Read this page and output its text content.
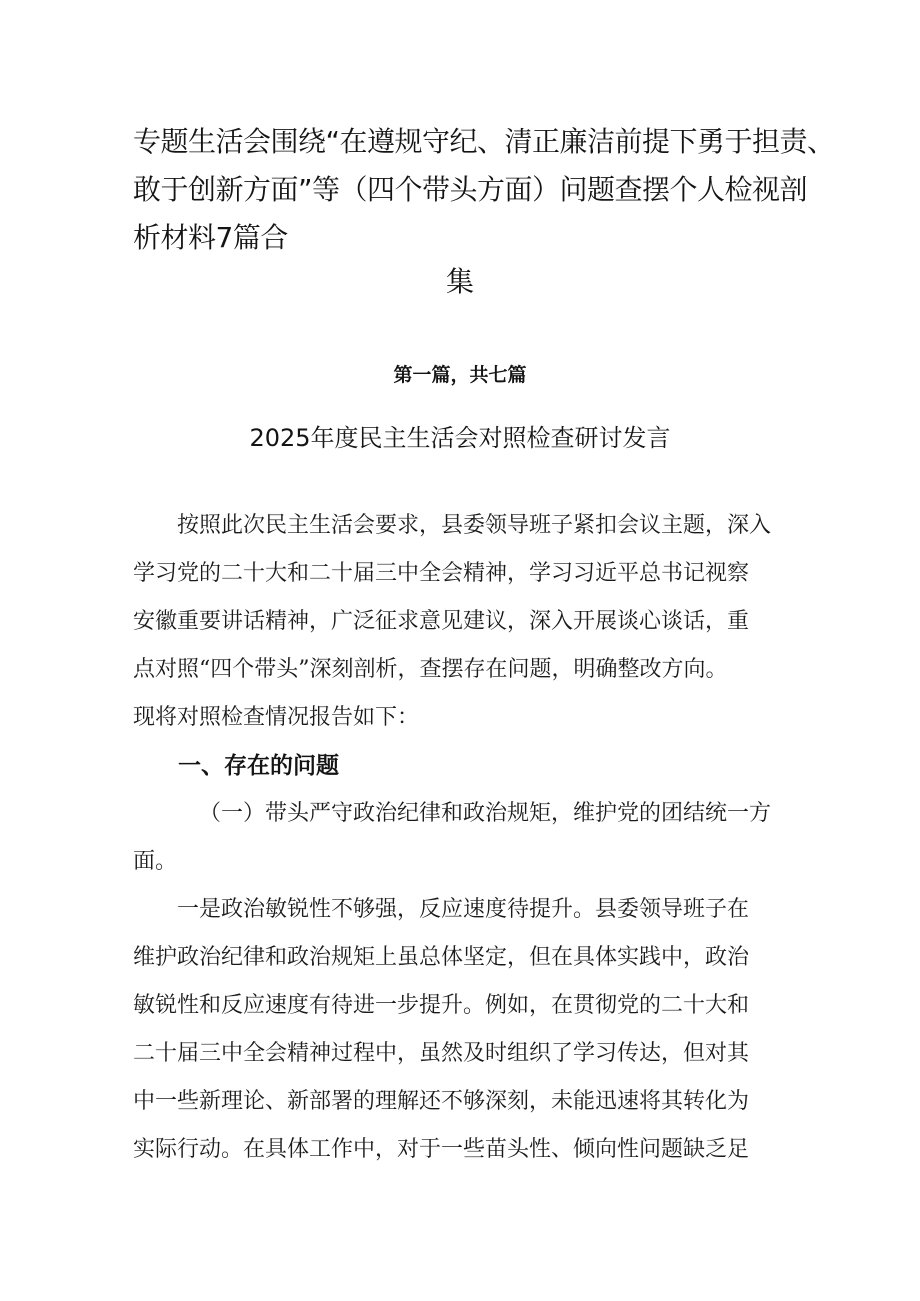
专题生活会围绕“在遵规守纪、清正廉洁前提下勇于担责、
敢于创新方面”等（四个带头方面）问题查摆个人检视剖
析材料7篇合
集
第一篇，共七篇
2025年度民主生活会对照检查研讨发言
按照此次民主生活会要求，县委领导班子紧扣会议主题，深入
学习党的二十大和二十届三中全会精神，学习习近平总书记视察
安徽重要讲话精神，广泛征求意见建议，深入开展谈心谈话，重
点对照“四个带头”深刻剖析，查摆存在问题，明确整改方向。
现将对照检查情况报告如下：
一、存在的问题
（一）带头严守政治纪律和政治规矩，维护党的团结统一方
面。
一是政治敏锐性不够强，反应速度待提升。县委领导班子在
维护政治纪律和政治规矩上虽总体坚定，但在具体实践中，政治
敏锐性和反应速度有待进一步提升。例如，在贯彻党的二十大和
二十届三中全会精神过程中，虽然及时组织了学习传达，但对其
中一些新理论、新部署的理解还不够深刻，未能迅速将其转化为
实际行动。在具体工作中，对于一些苗头性、倾向性问题缺乏足
